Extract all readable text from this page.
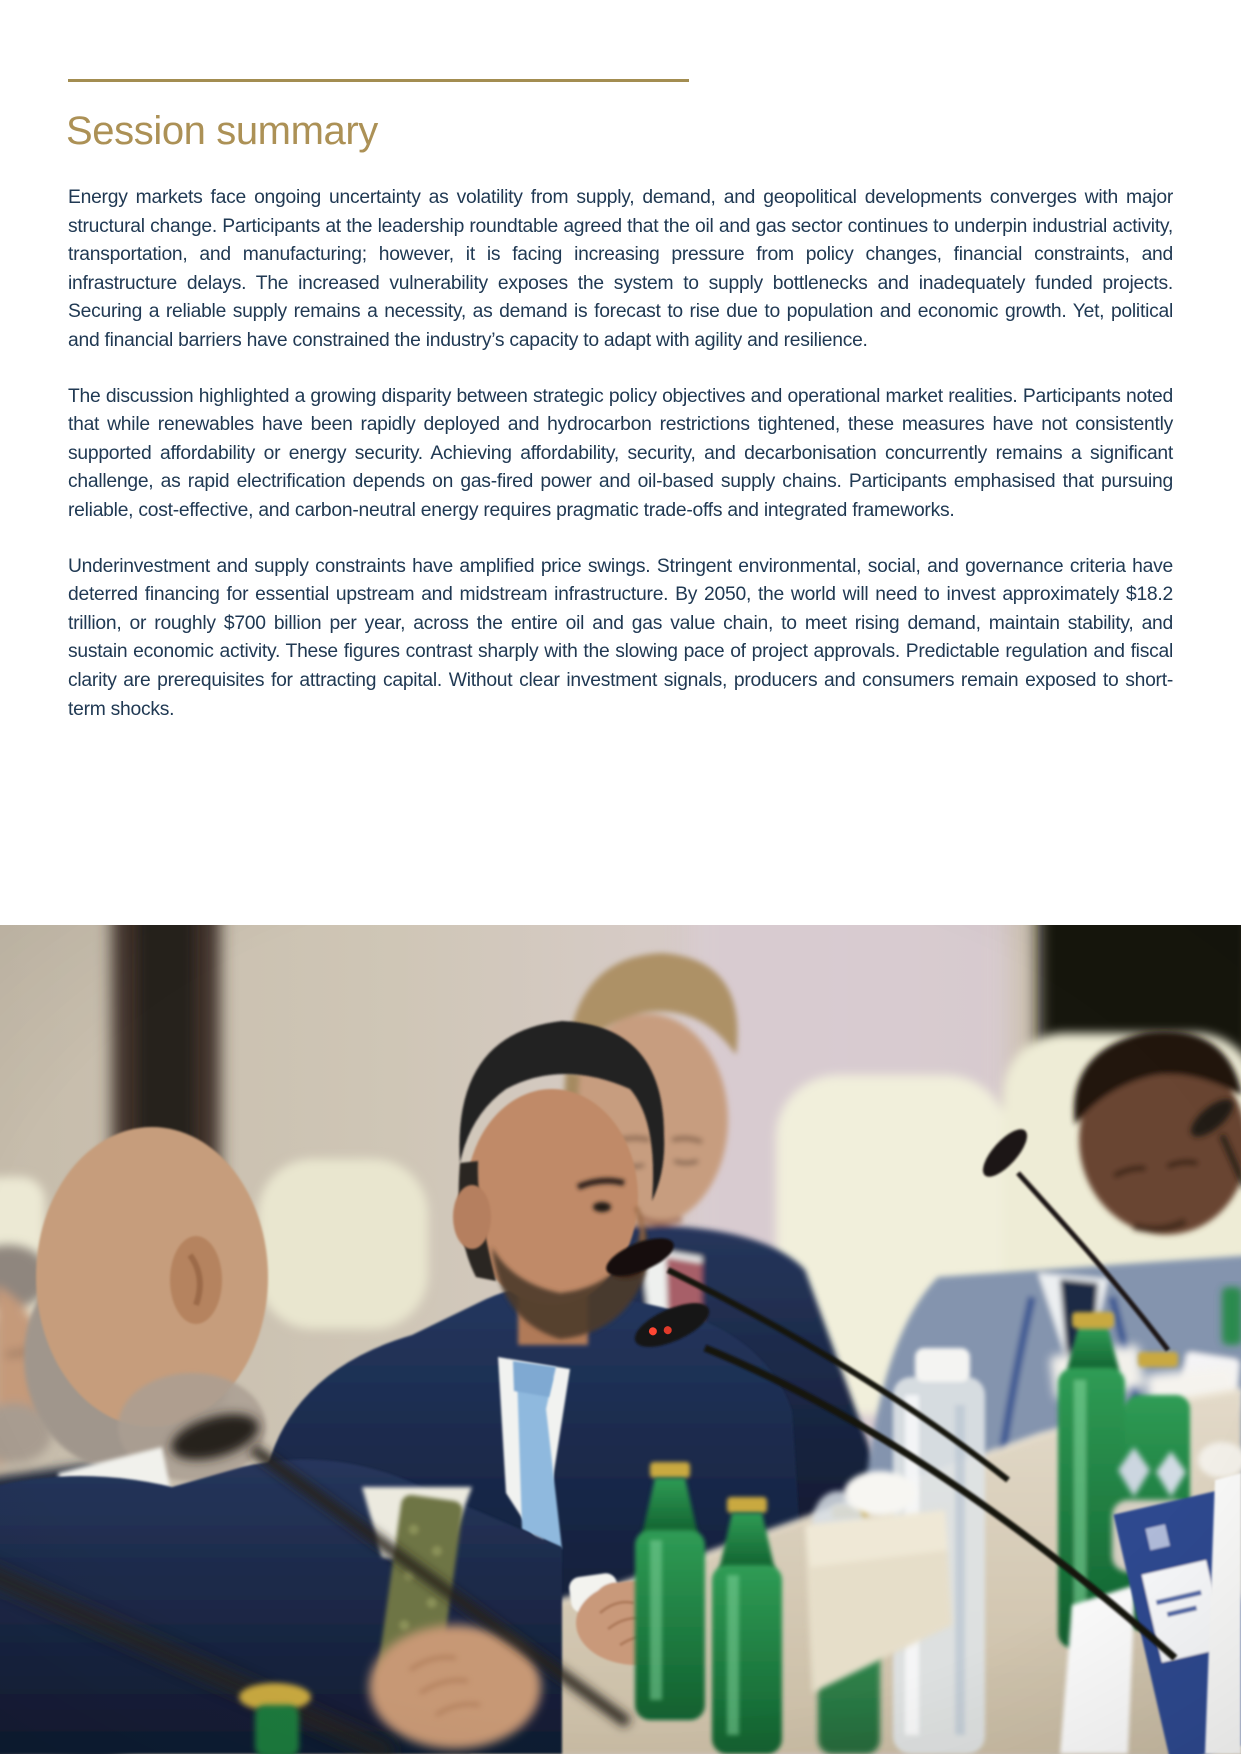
Session summary

Energy markets face ongoing uncertainty as volatility from supply, demand, and geopolitical developments converges with major structural change. Participants at the leadership roundtable agreed that the oil and gas sector continues to underpin industrial activity, transportation, and manufacturing; however, it is facing increasing pressure from policy changes, financial constraints, and infrastructure delays. The increased vulnerability exposes the system to supply bottlenecks and inadequately funded projects. Securing a reliable supply remains a necessity, as demand is forecast to rise due to population and economic growth. Yet, political and financial barriers have constrained the industry’s capacity to adapt with agility and resilience.

The discussion highlighted a growing disparity between strategic policy objectives and operational market realities. Participants noted that while renewables have been rapidly deployed and hydrocarbon restrictions tightened, these measures have not consistently supported affordability or energy security. Achieving affordability, security, and decarbonisation concurrently remains a significant challenge, as rapid electrification depends on gas-fired power and oil-based supply chains. Participants emphasised that pursuing reliable, cost-effective, and carbon-neutral energy requires pragmatic trade-offs and integrated frameworks.

Underinvestment and supply constraints have amplified price swings. Stringent environmental, social, and governance criteria have deterred financing for essential upstream and midstream infrastructure. By 2050, the world will need to invest approximately $18.2 trillion, or roughly $700 billion per year, across the entire oil and gas value chain, to meet rising demand, maintain stability, and sustain economic activity. These figures contrast sharply with the slowing pace of project approvals. Predictable regulation and fiscal clarity are prerequisites for attracting capital. Without clear investment signals, producers and consumers remain exposed to short-term shocks.
